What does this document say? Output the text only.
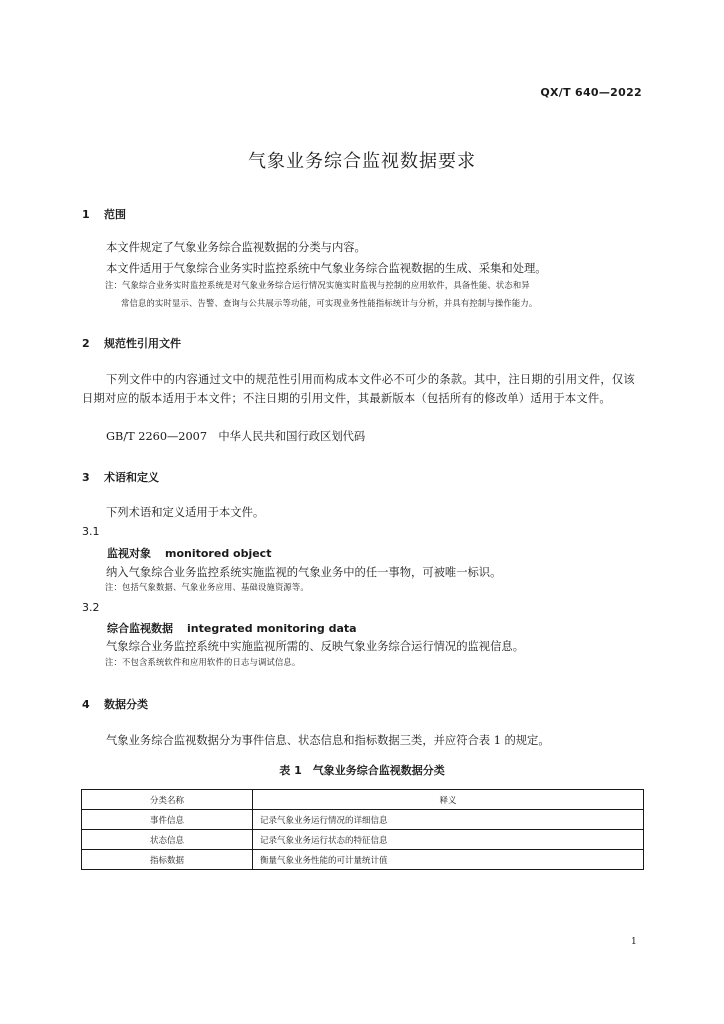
QX/T 640—2022
气象业务综合监视数据要求
1 范围
本文件规定了气象业务综合监视数据的分类与内容。
本文件适用于气象综合业务实时监控系统中气象业务综合监视数据的生成、采集和处理。
注：气象综合业务实时监控系统是对气象业务综合运行情况实施实时监视与控制的应用软件，具备性能、状态和异
常信息的实时显示、告警、查询与公共展示等功能，可实现业务性能指标统计与分析，并具有控制与操作能力。
2 规范性引用文件
下列文件中的内容通过文中的规范性引用而构成本文件必不可少的条款。其中，注日期的引用文件，仅该日期对应的版本适用于本文件；不注日期的引用文件，其最新版本（包括所有的修改单）适用于本文件。
GB/T 2260—2007　中华人民共和国行政区划代码
3 术语和定义
下列术语和定义适用于本文件。
3.1
监视对象 monitored object
纳入气象综合业务监控系统实施监视的气象业务中的任一事物，可被唯一标识。
注：包括气象数据、气象业务应用、基础设施资源等。
3.2
综合监视数据 integrated monitoring data
气象综合业务监控系统中实施监视所需的、反映气象业务综合运行情况的监视信息。
注：不包含系统软件和应用软件的日志与调试信息。
4 数据分类
气象业务综合监视数据分为事件信息、状态信息和指标数据三类，并应符合表 1 的规定。
表 1　气象业务综合监视数据分类
分类名称	释义
事件信息	记录气象业务运行情况的详细信息
状态信息	记录气象业务运行状态的特征信息
指标数据	衡量气象业务性能的可计量统计值
1
